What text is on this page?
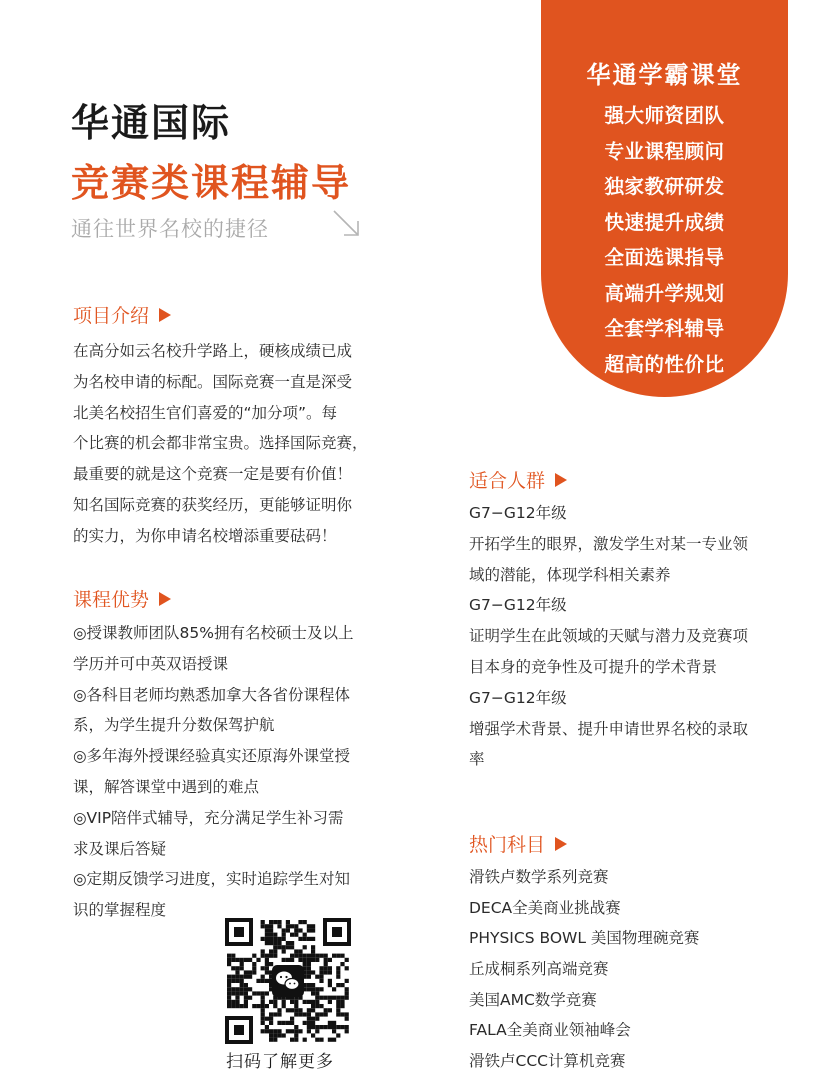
华通学霸课堂
强大师资团队
专业课程顾问
独家教研研发
快速提升成绩
全面选课指导
高端升学规划
全套学科辅导
超高的性价比
华通国际
竞赛类课程辅导
通往世界名校的捷径
项目介绍
在高分如云名校升学路上，硬核成绩已成
为名校申请的标配。国际竞赛一直是深受
北美名校招生官们喜爱的“加分项”。每
个比赛的机会都非常宝贵。选择国际竞赛，
最重要的就是这个竞赛一定是要有价值！
知名国际竞赛的获奖经历，更能够证明你
的实力，为你申请名校增添重要砝码！
课程优势
◎授课教师团队85%拥有名校硕士及以上
学历并可中英双语授课
◎各科目老师均熟悉加拿大各省份课程体
系，为学生提升分数保驾护航
◎多年海外授课经验真实还原海外课堂授
课，解答课堂中遇到的难点
◎VIP陪伴式辅导，充分满足学生补习需
求及课后答疑
◎定期反馈学习进度，实时追踪学生对知
识的掌握程度
适合人群
G7−G12年级
开拓学生的眼界，激发学生对某一专业领
域的潜能，体现学科相关素养
G7−G12年级
证明学生在此领域的天赋与潜力及竞赛项
目本身的竞争性及可提升的学术背景
G7−G12年级
增强学术背景、提升申请世界名校的录取
率
热门科目
滑铁卢数学系列竞赛
DECA全美商业挑战赛
PHYSICS BOWL 美国物理碗竞赛
丘成桐系列高端竞赛
美国AMC数学竞赛
FALA全美商业领袖峰会
滑铁卢CCC计算机竞赛
扫码了解更多
